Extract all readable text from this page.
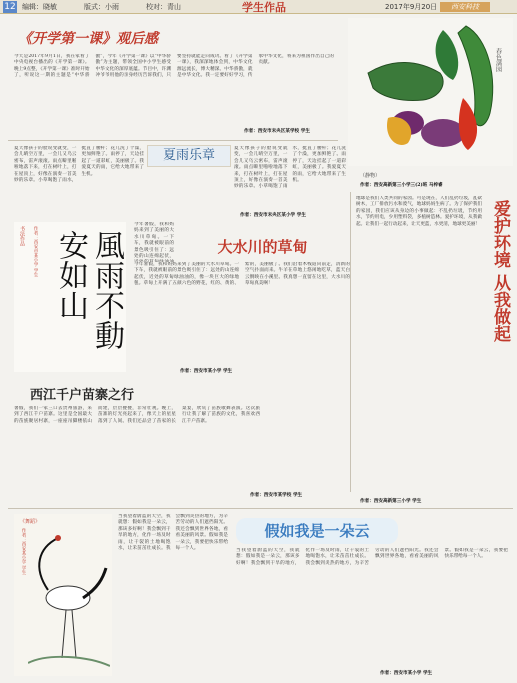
12 编辑：晓敏	版式：小雨	校对：青山	2017年9月20日
学生作品	西安科技
《开学第一课》观后感
今天是2017年9月1日，我在家看了中央电视台播出的《开学第一课》。晚上9点整，《开学第一课》准时开始了，听说这一期的主题是“中华骄傲”，今年《开学第一课》以“中华骄傲”为主题，带领全国中小学生感受中华文化的深厚底蕴。节目中，许渊冲爷爷用他的亲身经历告诉我们，只要坚持就能走向成功。看了《开学第一课》，我深深地体会到，中华文化源远流长，博大精深。中华骄傲，就是中华文化。我一定要好好学习，传承中华文化，将来为祖国作出自己的贡献。
作者：西安市未央区某学校 学生
春色满园
（静物）
作者：西安高新第三小学三(2)班 马梓睿
夏雨乐章
夏天像孩子的脸说变就变，一会儿晴空万里，一会儿又乌云密布，雷声滚滚。雨点噼里啪啦地落下来，打在树叶上，打在屋顶上，好像在演奏一首美妙的乐章。小草喝饱了雨水，挺直了腰杆；花儿洗了个澡，更加鲜艳了。雨停了，天边挂起了一道彩虹，美丽极了。我爱夏天的雨，它给大地带来了生机。
夏天像孩子的脸说变就变，一会儿晴空万里，一会儿又乌云密布，雷声滚滚。雨点噼里啪啦地落下来，打在树叶上，打在屋顶上，好像在演奏一首美妙的乐章。小草喝饱了雨水，挺直了腰杆；花儿洗了个澡，更加鲜艳了。雨停了，天边挂起了一道彩虹，美丽极了。我爱夏天的雨，它给大地带来了生机。
作者：西安市未央区某小学 学生
书法作品	作者：西安市某小学 学生	風雨不動安如山	大水川的草甸
今年暑假，我和妈妈来到了美丽的大水川草甸。一下车，我就被眼前的景色吸引住了：远处的山连绵起伏，
今年暑假，我和妈妈来到了美丽的大水川草甸。一下车，我就被眼前的景色吸引住了：远处的山连绵起伏，近处的草甸绿油油的，像一块巨大的绿地毯。草甸上开满了五颜六色的野花，红的、黄的、紫的，美丽极了。我们沿着木栈道向前走，清新的空气扑面而来。牛羊在草地上悠闲地吃草，蓝天白云倒映在小溪里。我真想一直留在这里，大水川的草甸真美啊！
作者：西安市某小学 学生
西江千户苗寨之行
暑假，我们一家三口去贵州旅游，来到了西江千户苗寨。这里是全国最大的苗族聚居村寨，一座座吊脚楼依山而建，层层叠叠，非常壮观。晚上，苗寨的灯光亮起来了，像天上的星星落到了人间。我们还品尝了苗家的长桌宴，欣赏了苗族歌舞表演。这次旅行让我了解了苗族的文化，我喜欢西江千户苗寨。
作者：西安市某学校 学生
爱护环境 从我做起
地球是我们人类共同的家园。可是现在，人们乱扔垃圾，乱砍树木，工厂排放污水和废气，地球妈妈生病了。为了保护我们的家园，我们应该从身边的小事做起：不乱扔垃圾，节约用水，节约用电，少用塑料袋，多植树造林。爱护环境，从我做起。让我们一起行动起来，让天更蓝，水更清，地球更美丽！
作者：西安高新第三小学 学生
《舞蹈》
作者：西安某小学 学生
当我望着蔚蓝的天空，我就想：假如我是一朵云，那该多好啊！我会飘到干旱的地方，化作一场及时雨，让干裂的土地喝饱水，让禾苗茁壮成长。我会飘到炎热的地方，为辛苦劳动的人们遮挡阳光。我还会飘到世界各地，看看美丽的风景。假如我是一朵云，我要把快乐带给每一个人。
假如我是一朵云
当我望着蔚蓝的天空，我就想：假如我是一朵云，那该多好啊！我会飘到干旱的地方，化作一场及时雨，让干裂的土地喝饱水，让禾苗茁壮成长。我会飘到炎热的地方，为辛苦劳动的人们遮挡阳光。我还会飘到世界各地，看看美丽的风景。假如我是一朵云，我要把快乐带给每一个人。
作者：西安市某小学 学生
